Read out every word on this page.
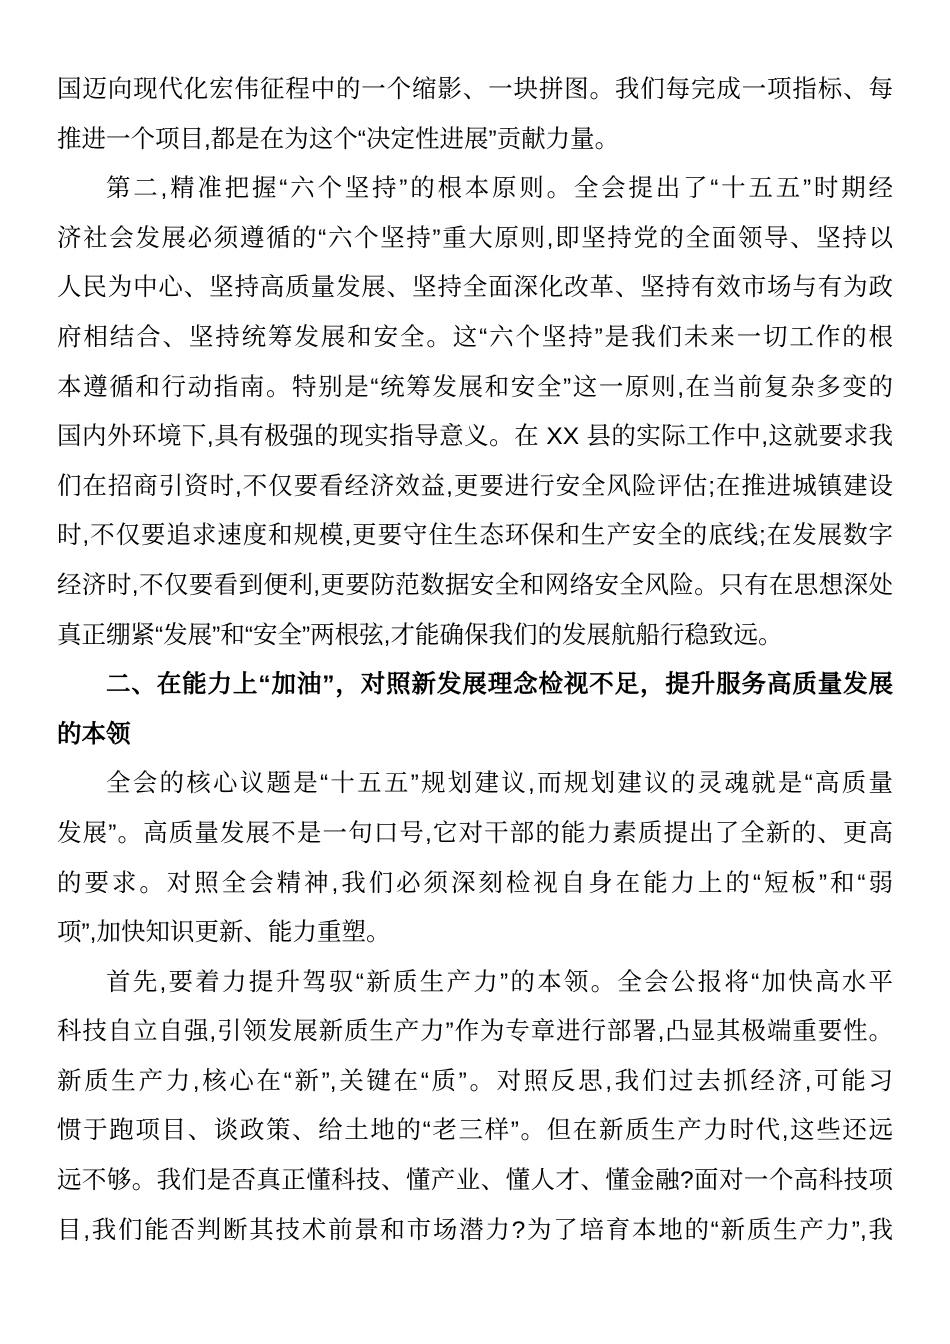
国迈向现代化宏伟征程中的一个缩影、一块拼图。我们每完成一项指标、每
推进一个项目,都是在为这个“决定性进展”贡献力量。
第二,精准把握“六个坚持”的根本原则。全会提出了“十五五”时期经
济社会发展必须遵循的“六个坚持”重大原则,即坚持党的全面领导、坚持以
人民为中心、坚持高质量发展、坚持全面深化改革、坚持有效市场与有为政
府相结合、坚持统筹发展和安全。这“六个坚持”是我们未来一切工作的根
本遵循和行动指南。特别是“统筹发展和安全”这一原则,在当前复杂多变的
国内外环境下,具有极强的现实指导意义。在 XX 县的实际工作中,这就要求我
们在招商引资时,不仅要看经济效益,更要进行安全风险评估;在推进城镇建设
时,不仅要追求速度和规模,更要守住生态环保和生产安全的底线;在发展数字
经济时,不仅要看到便利,更要防范数据安全和网络安全风险。只有在思想深处
真正绷紧“发展”和“安全”两根弦,才能确保我们的发展航船行稳致远。
二、在能力上“加油”，对照新发展理念检视不足，提升服务高质量发展
的本领
全会的核心议题是“十五五”规划建议,而规划建议的灵魂就是“高质量
发展”。高质量发展不是一句口号,它对干部的能力素质提出了全新的、更高
的要求。对照全会精神,我们必须深刻检视自身在能力上的“短板”和“弱
项”,加快知识更新、能力重塑。
首先,要着力提升驾驭“新质生产力”的本领。全会公报将“加快高水平
科技自立自强,引领发展新质生产力”作为专章进行部署,凸显其极端重要性。
新质生产力,核心在“新”,关键在“质”。对照反思,我们过去抓经济,可能习
惯于跑项目、谈政策、给土地的“老三样”。但在新质生产力时代,这些还远
远不够。我们是否真正懂科技、懂产业、懂人才、懂金融?面对一个高科技项
目,我们能否判断其技术前景和市场潜力?为了培育本地的“新质生产力”,我
